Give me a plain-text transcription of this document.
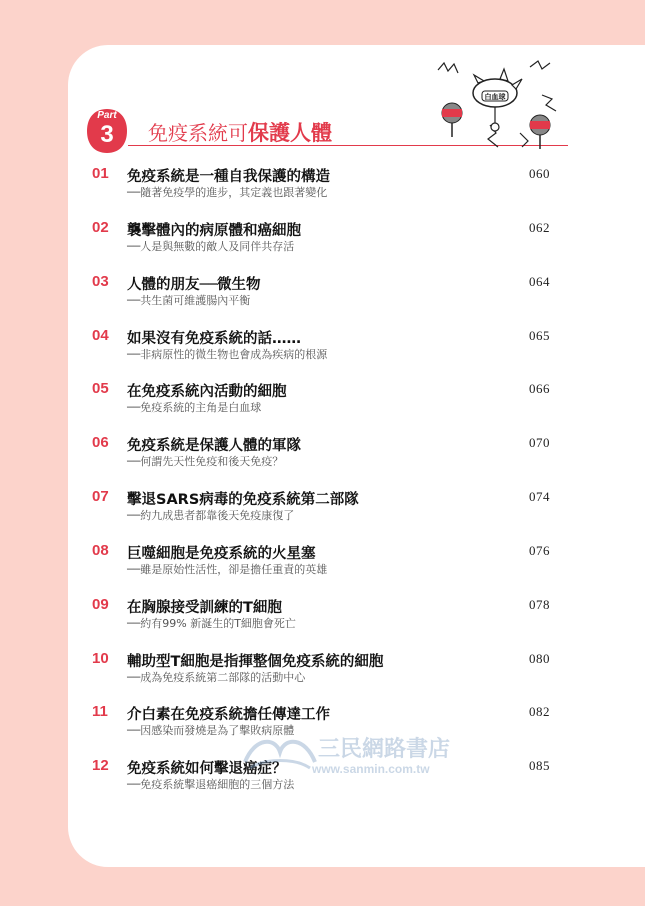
Part
3	免疫系統可保護人體
白血球
01 免疫系統是一種自我保護的構造
──隨著免疫學的進步，其定義也跟著變化
060
02 襲擊體內的病原體和癌細胞
──人是與無數的敵人及同伴共存活
062
03 人體的朋友──微生物
──共生菌可維護腸內平衡
064
04 如果沒有免疫系統的話……
──非病原性的微生物也會成為疾病的根源
065
05 在免疫系統內活動的細胞
──免疫系統的主角是白血球
066
06 免疫系統是保護人體的軍隊
──何謂先天性免疫和後天免疫？
070
07 擊退SARS病毒的免疫系統第二部隊
──約九成患者都靠後天免疫康復了
074
08 巨噬細胞是免疫系統的火星塞
──雖是原始性活性，卻是擔任重責的英雄
076
09 在胸腺接受訓練的T細胞
──約有99% 新誕生的T細胞會死亡
078
10 輔助型T細胞是指揮整個免疫系統的細胞
──成為免疫系統第二部隊的活動中心
080
11 介白素在免疫系統擔任傳達工作
──因感染而發燒是為了擊敗病原體
082
12 免疫系統如何擊退癌症？
──免疫系統擊退癌細胞的三個方法
085
三民網路書店
www.sanmin.com.tw
